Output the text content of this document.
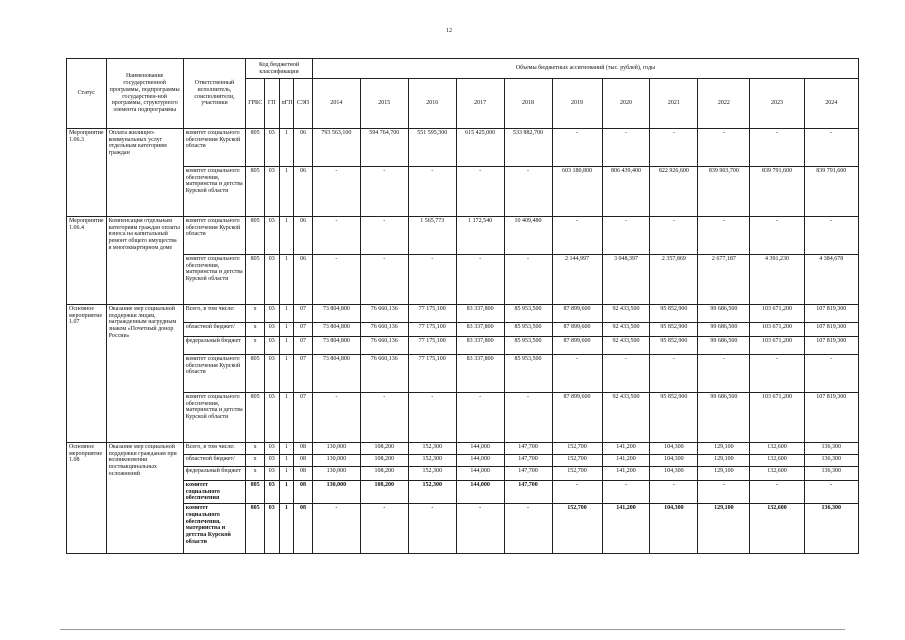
12
Статус	Наименование государственной программы, подпрограммы государствен-ной программы, структурного элемента подпрограммы	Ответственный исполнитель, соисполнители, участники	Код бюджетной классификации				Объемы бюджетных ассигнований (тыс. рублей), годы										
			ГРБС	ГП	пГП	СЭП	2014	2015	2016	2017	2018	2019	2020	2021	2022	2023	2024
Мероприятие 1.06.3	Оплата жилищно-коммунальных услуг отдельным категориям граждан	комитет социального обеспечения Курской области	805	03	1	06	793 563,100	594 764,700	551 595,300	615 425,000	533 882,700	-	-	-	-	-	-
		комитет социального обеспечения, материнства и детства Курской области	805	03	1	06	-	-	-	-	-	603 180,800	806 439,400	822 926,600	839 903,700	839 791,600	839 791,600
Мероприятие 1.06.4	Компенсация отдельным категориям граждан оплаты взноса на капитальный ремонт общего имущества в многоквартирном доме	комитет социального обеспечения Курской области	805	03	1	06	-	-	1 565,773	1 172,540	10 409,480	-	-	-	-	-	-
		комитет социального обеспечения, материнства и детства Курской области	805	03	1	06	-	-	-	-	-	2 144,997	3 048,397	2 357,869	2 677,187	4 391,230	4 384,678
Основное мероприятие 1.07	Оказание мер социальной поддержки лицам, награжденным нагрудным знаком «Почетный донор России»	Всего, в том числе:	х	03	1	07	73 804,800	76 660,136	77 175,100	83 337,800	85 953,500	87 899,600	92 433,500	95 852,900	99 686,500	103 671,200	107 819,300
		областной бюджет/	х	03	1	07	73 804,800	76 660,136	77 175,100	83 337,800	85 953,500	87 899,600	92 433,500	95 852,900	99 686,500	103 671,200	107 819,300
		федеральный бюджет	х	03	1	07	73 804,800	76 660,136	77 175,100	83 337,800	85 953,500	87 899,600	92 433,500	95 852,900	99 686,500	103 671,200	107 819,300
		комитет социального обеспечения Курской области	805	03	1	07	73 804,800	76 660,136	77 175,100	83 337,800	85 953,500	-	-	-	-	-	-
		комитет социального обеспечения, материнства и детства Курской области	805	03	1	07	-	-	-	-	-	87 899,600	92 433,500	95 852,900	99 686,500	103 671,200	107 819,300
Основное мероприятие 1.08	Оказание мер социальной поддержки гражданам при возникновении поствакцинальных осложнений	Всего, в том числе:	х	03	1	08	130,000	108,200	152,300	144,000	147,700	152,700	141,200	104,300	129,100	132,600	136,300
		областной бюджет/	х	03	1	08	130,000	108,200	152,300	144,000	147,700	152,700	141,200	104,300	129,100	132,600	136,300
		федеральный бюджет	х	03	1	08	130,000	108,200	152,300	144,000	147,700	152,700	141,200	104,300	129,100	132,600	136,300
		комитет социального обеспечения	805	03	1	08	130,000	108,200	152,300	144,000	147,700	-	-	-	-	-	-
		комитет социального обеспечения, материнства и детства Курской области	805	03	1	08	-	-	-	-	-	152,700	141,200	104,300	129,100	132,600	136,300
